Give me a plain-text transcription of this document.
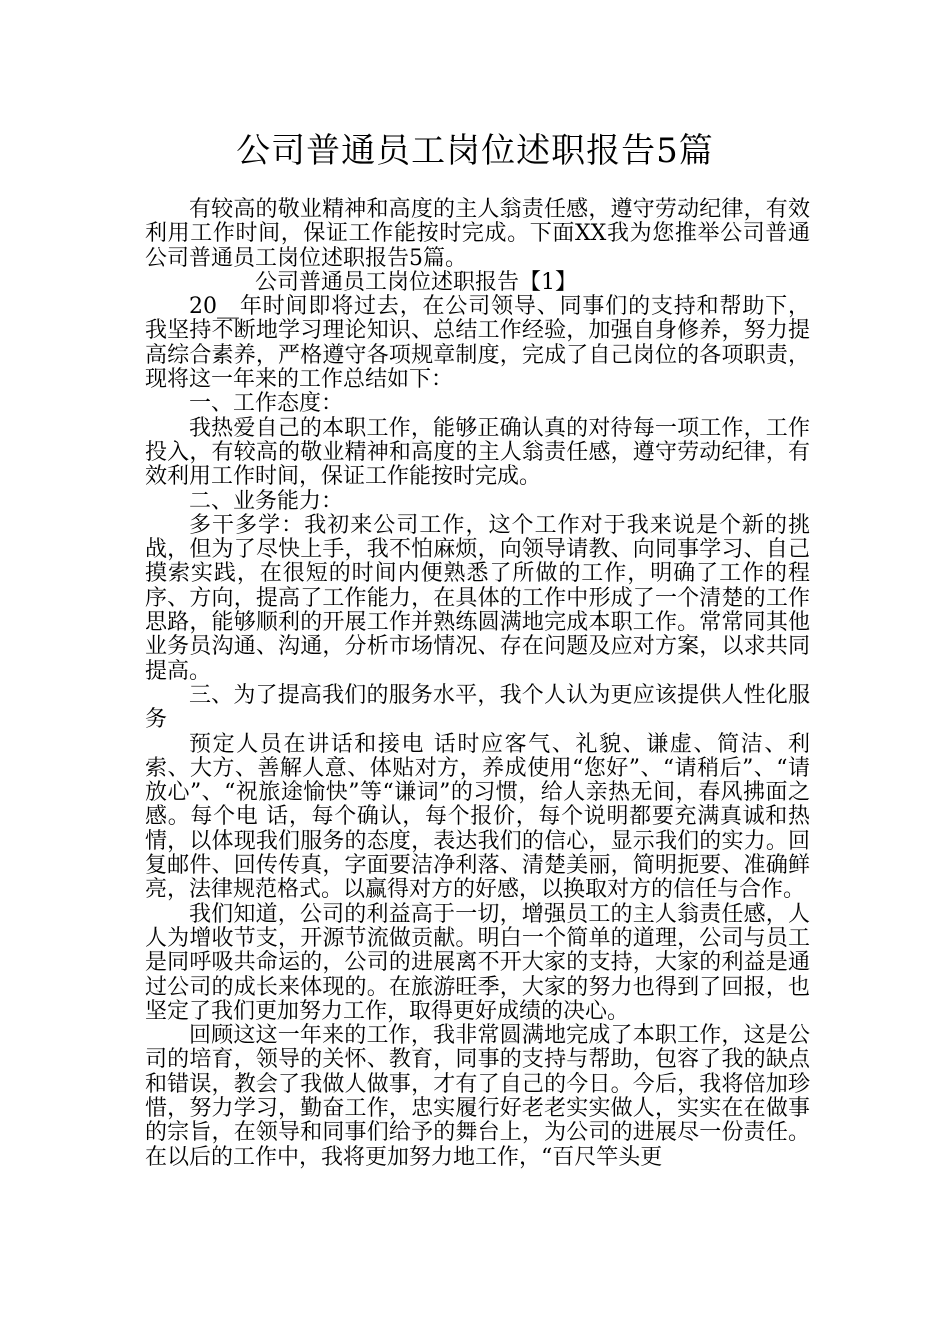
公司普通员工岗位述职报告5篇

有较高的敬业精神和高度的主人翁责任感，遵守劳动纪律，有效利用工作时间，保证工作能按时完成。下面XX我为您推举公司普通公司普通员工岗位述职报告5篇。

公司普通员工岗位述职报告【1】

20__年时间即将过去，在公司领导、同事们的支持和帮助下，我坚持不断地学习理论知识、总结工作经验，加强自身修养，努力提高综合素养，严格遵守各项规章制度，完成了自己岗位的各项职责，现将这一年来的工作总结如下：

一、工作态度：

我热爱自己的本职工作，能够正确认真的对待每一项工作，工作投入，有较高的敬业精神和高度的主人翁责任感，遵守劳动纪律，有效利用工作时间，保证工作能按时完成。

二、业务能力：

多干多学：我初来公司工作，这个工作对于我来说是个新的挑战，但为了尽快上手，我不怕麻烦，向领导请教、向同事学习、自己摸索实践，在很短的时间内便熟悉了所做的工作，明确了工作的程序、方向，提高了工作能力，在具体的工作中形成了一个清楚的工作思路，能够顺利的开展工作并熟练圆满地完成本职工作。常常同其他业务员沟通、沟通，分析市场情况、存在问题及应对方案，以求共同提高。

三、为了提高我们的服务水平，我个人认为更应该提供人性化服务

预定人员在讲话和接电 话时应客气、礼貌、谦虚、简洁、利索、大方、善解人意、体贴对方，养成使用“您好”、“请稍后”、“请放心”、“祝旅途愉快”等“谦词”的习惯，给人亲热无间，春风拂面之感。每个电 话，每个确认，每个报价，每个说明都要充满真诚和热情，以体现我们服务的态度，表达我们的信心，显示我们的实力。回复邮件、回传传真，字面要洁净利落、清楚美丽，简明扼要、准确鲜亮，法律规范格式。以赢得对方的好感，以换取对方的信任与合作。

我们知道，公司的利益高于一切，增强员工的主人翁责任感，人人为增收节支，开源节流做贡献。明白一个简单的道理，公司与员工是同呼吸共命运的，公司的进展离不开大家的支持，大家的利益是通过公司的成长来体现的。在旅游旺季，大家的努力也得到了回报，也坚定了我们更加努力工作，取得更好成绩的决心。

回顾这这一年来的工作，我非常圆满地完成了本职工作，这是公司的培育，领导的关怀、教育，同事的支持与帮助，包容了我的缺点和错误，教会了我做人做事，才有了自己的今日。今后，我将倍加珍惜，努力学习，勤奋工作，忠实履行好老老实实做人，实实在在做事的宗旨，在领导和同事们给予的舞台上，为公司的进展尽一份责任。在以后的工作中，我将更加努力地工作，“百尺竿头更
